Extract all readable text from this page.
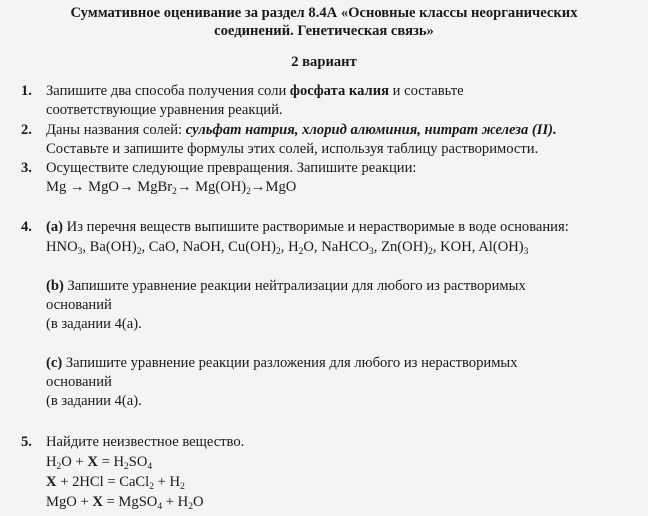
Суммативное оценивание за раздел 8.4А «Основные классы неорганических
соединений. Генетическая связь»
2 вариант
1. Запишите два способа получения соли фосфата калия и составьте
соответствующие уравнения реакций.
2. Даны названия солей: сульфат натрия, хлорид алюминия, нитрат железа (II).
Составьте и запишите формулы этих солей, используя таблицу растворимости.
3. Осуществите следующие превращения. Запишите реакции:
Mg → MgO→ MgBr$_2$→ $Mg(OH)_2\to MgO$
4. (a) Из перечня веществ выпишите растворимые и нерастворимые в воде основания:
$HNO_3$, $Ba(OH)_2$, CaO, NaOH, $Cu(OH)_2$, $H_2O$, NaHCO$_3$, $Zn(OH)_2$, KOH, $Al(OH)_3$
(b) Запишите уравнение реакции нейтрализации для любого из растворимых
оснований
(в задании 4(а).
(c) Запишите уравнение реакции разложения для любого из нерастворимых
оснований
(в задании 4(а).
5. Найдите неизвестное вещество.
$H_2O + X = H_2SO_4$
X + 2HCl = CaCl$_2$ + $H_2$
MgO + X = MgSO$_4$ + $H_2O$
